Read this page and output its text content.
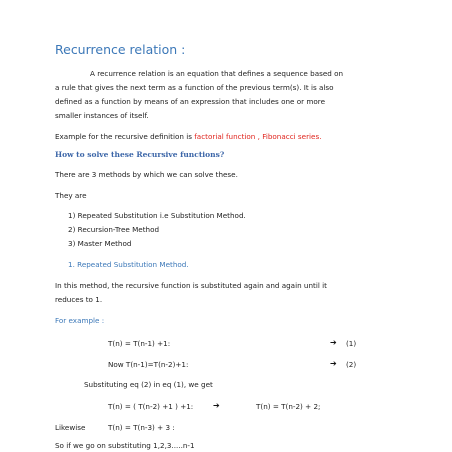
Recurrence relation :
A recurrence relation is an equation that defines a sequence based on
a rule that gives the next term as a function of the previous term(s). It is also
defined as a function by means of an expression that includes one or more
smaller instances of itself.
Example for the recursive definition is factorial function , Fibonacci series.
How to solve these Recursive functions?
There are 3 methods by which we can solve these.
They are
1) Repeated Substitution i.e Substitution Method.
2) Recursion-Tree Method
3) Master Method
1. Repeated Substitution Method.
In this method, the recursive function is substituted again and again until it
reduces to 1.
For example :
T(n) = T(n-1) +1:	➔ (1)
Now T(n-1)=T(n-2)+1:	➔ (2)
Substituting eq (2) in eq (1), we get
T(n) = ( T(n-2) +1 ) +1: ➔	T(n) = T(n-2) + 2;
Likewise	T(n) = T(n-3) + 3 :
So if we go on substituting 1,2,3.....n-1
